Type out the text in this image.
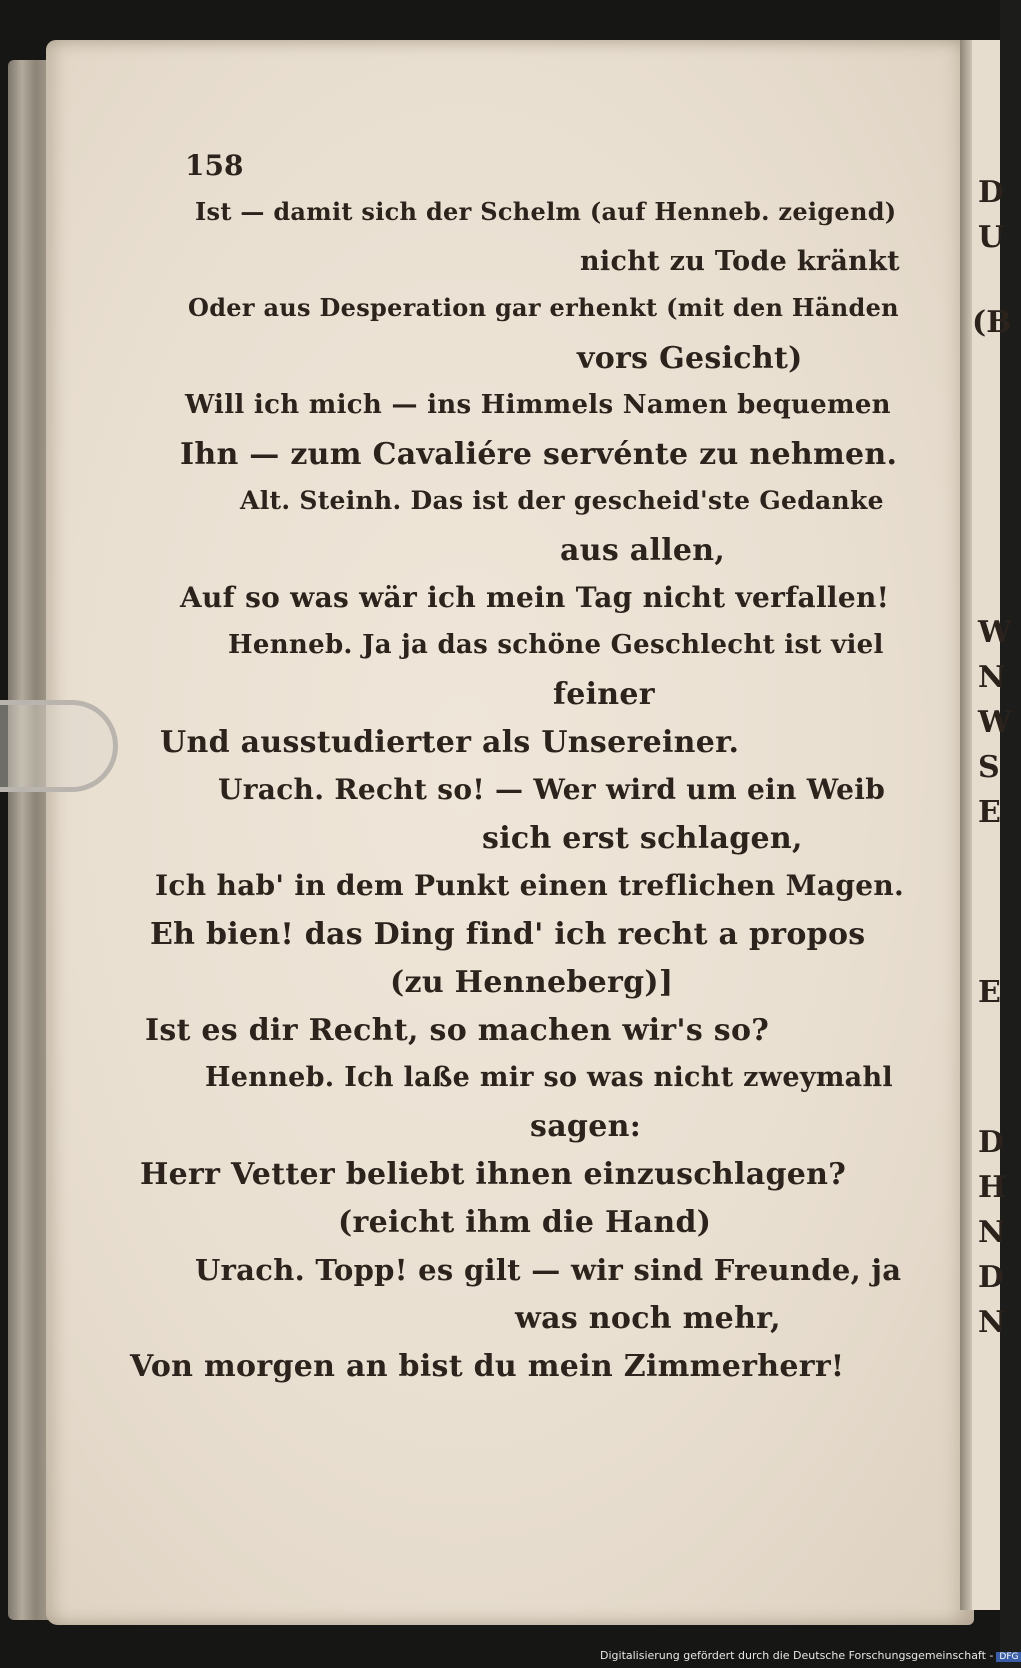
D
U
(B
W
N
W
S
E
E
D
H
N
D
N
158
Ist — damit sich der Schelm (auf Henneb. zeigend)
nicht zu Tode kränkt
Oder aus Desperation gar erhenkt (mit den Händen
vors Gesicht)
Will ich mich — ins Himmels Namen bequemen
Ihn — zum Cavaliére servénte zu nehmen.
Alt. Steinh. Das ist der gescheid'ste Gedanke
aus allen,
Auf so was wär ich mein Tag nicht verfallen!
Henneb. Ja ja das schöne Geschlecht ist viel
feiner
Und ausstudierter als Unsereiner.
Urach. Recht so! — Wer wird um ein Weib
sich erst schlagen,
Ich hab' in dem Punkt einen treflichen Magen.
Eh bien! das Ding find' ich recht a propos
(zu Henneberg)]
Ist es dir Recht, so machen wir's so?
Henneb. Ich laße mir so was nicht zweymahl
sagen:
Herr Vetter beliebt ihnen einzuschlagen?
(reicht ihm die Hand)
Urach. Topp! es gilt — wir sind Freunde, ja
was noch mehr,
Von morgen an bist du mein Zimmerherr!
Digitalisierung gefördert durch die Deutsche Forschungsgemeinschaft - DFG
